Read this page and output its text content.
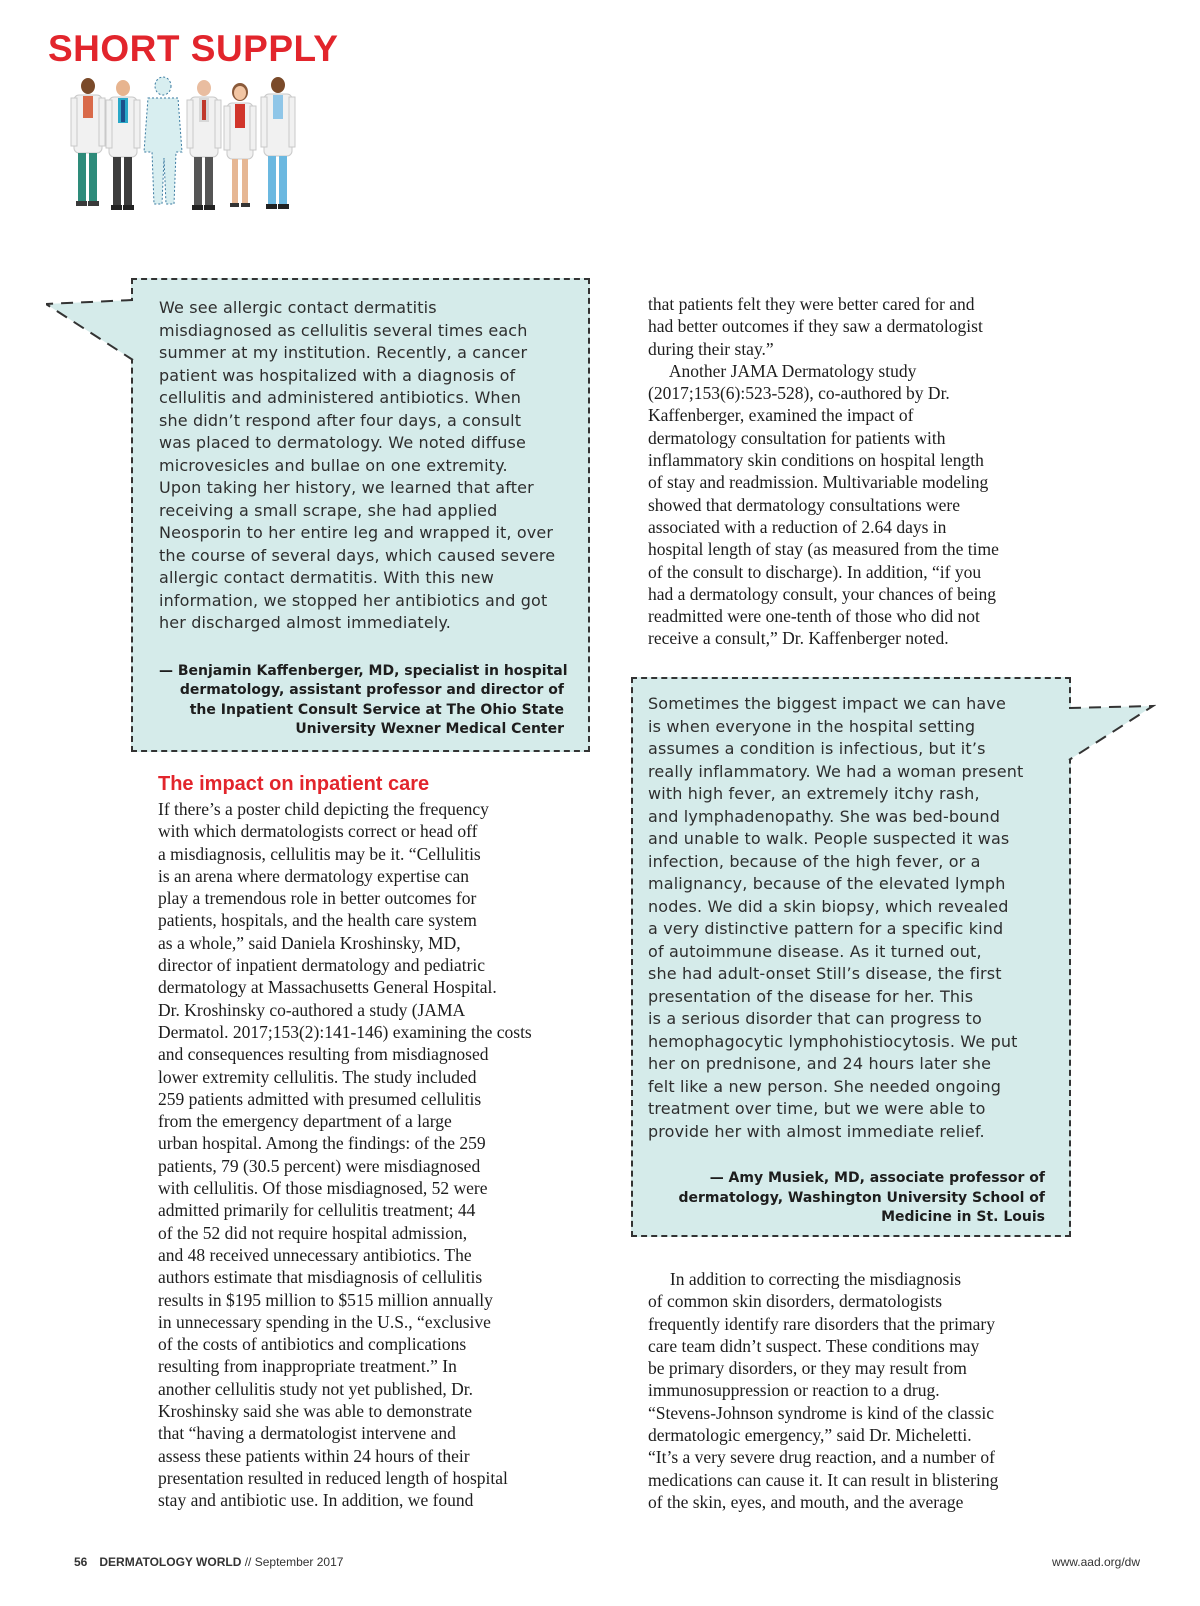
SHORT SUPPLY

We see allergic contact dermatitis
misdiagnosed as cellulitis several times each
summer at my institution. Recently, a cancer
patient was hospitalized with a diagnosis of
cellulitis and administered antibiotics. When
she didn’t respond after four days, a consult
was placed to dermatology. We noted diffuse
microvesicles and bullae on one extremity.
Upon taking her history, we learned that after
receiving a small scrape, she had applied
Neosporin to her entire leg and wrapped it, over
the course of several days, which caused severe
allergic contact dermatitis. With this new
information, we stopped her antibiotics and got
her discharged almost immediately.

— Benjamin Kaffenberger, MD, specialist in hospital
dermatology, assistant professor and director of
the Inpatient Consult Service at The Ohio State
University Wexner Medical Center

The impact on inpatient care

If there’s a poster child depicting the frequency
with which dermatologists correct or head off
a misdiagnosis, cellulitis may be it. “Cellulitis
is an arena where dermatology expertise can
play a tremendous role in better outcomes for
patients, hospitals, and the health care system
as a whole,” said Daniela Kroshinsky, MD,
director of inpatient dermatology and pediatric
dermatology at Massachusetts General Hospital.
Dr. Kroshinsky co-authored a study (JAMA
Dermatol. 2017;153(2):141-146) examining the costs
and consequences resulting from misdiagnosed
lower extremity cellulitis. The study included
259 patients admitted with presumed cellulitis
from the emergency department of a large
urban hospital. Among the findings: of the 259
patients, 79 (30.5 percent) were misdiagnosed
with cellulitis. Of those misdiagnosed, 52 were
admitted primarily for cellulitis treatment; 44
of the 52 did not require hospital admission,
and 48 received unnecessary antibiotics. The
authors estimate that misdiagnosis of cellulitis
results in $195 million to $515 million annually
in unnecessary spending in the U.S., “exclusive
of the costs of antibiotics and complications
resulting from inappropriate treatment.” In
another cellulitis study not yet published, Dr.
Kroshinsky said she was able to demonstrate
that “having a dermatologist intervene and
assess these patients within 24 hours of their
presentation resulted in reduced length of hospital
stay and antibiotic use. In addition, we found

that patients felt they were better cared for and
had better outcomes if they saw a dermatologist
during their stay.”
Another JAMA Dermatology study
(2017;153(6):523-528), co-authored by Dr.
Kaffenberger, examined the impact of
dermatology consultation for patients with
inflammatory skin conditions on hospital length
of stay and readmission. Multivariable modeling
showed that dermatology consultations were
associated with a reduction of 2.64 days in
hospital length of stay (as measured from the time
of the consult to discharge). In addition, “if you
had a dermatology consult, your chances of being
readmitted were one-tenth of those who did not
receive a consult,” Dr. Kaffenberger noted.

Sometimes the biggest impact we can have
is when everyone in the hospital setting
assumes a condition is infectious, but it’s
really inflammatory. We had a woman present
with high fever, an extremely itchy rash,
and lymphadenopathy. She was bed-bound
and unable to walk. People suspected it was
infection, because of the high fever, or a
malignancy, because of the elevated lymph
nodes. We did a skin biopsy, which revealed
a very distinctive pattern for a specific kind
of autoimmune disease. As it turned out,
she had adult-onset Still’s disease, the first
presentation of the disease for her. This
is a serious disorder that can progress to
hemophagocytic lymphohistiocytosis. We put
her on prednisone, and 24 hours later she
felt like a new person. She needed ongoing
treatment over time, but we were able to
provide her with almost immediate relief.

— Amy Musiek, MD, associate professor of
dermatology, Washington University School of
Medicine in St. Louis

In addition to correcting the misdiagnosis
of common skin disorders, dermatologists
frequently identify rare disorders that the primary
care team didn’t suspect. These conditions may
be primary disorders, or they may result from
immunosuppression or reaction to a drug.
“Stevens-Johnson syndrome is kind of the classic
dermatologic emergency,” said Dr. Micheletti.
“It’s a very severe drug reaction, and a number of
medications can cause it. It can result in blistering
of the skin, eyes, and mouth, and the average

56 DERMATOLOGY WORLD // September 2017	www.aad.org/dw
